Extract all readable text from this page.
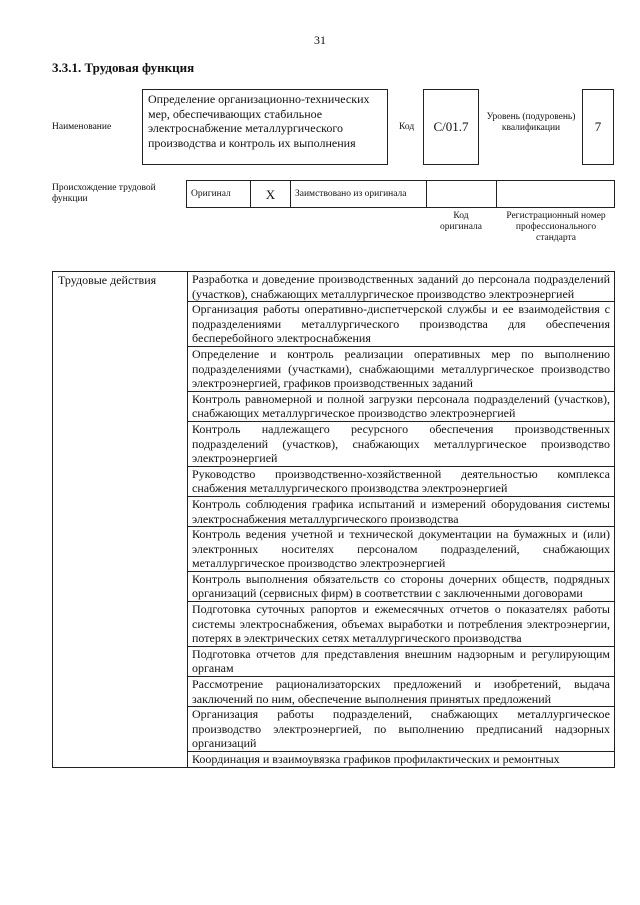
31
3.3.1. Трудовая функция
Наименование
Определение организационно-технических мер, обеспечивающих стабильное электроснабжение металлургического производства и контроль их выполнения
Код	C/01.7
Уровень (подуровень) квалификации	7
Происхождение трудовой функции
Оригинал	X	Заимствовано из оригинала		
Код оригинала
Регистрационный номер профессионального стандарта
Трудовые действия	Разработка и доведение производственных заданий до персонала подразделений (участков), снабжающих металлургическое производство электроэнергией
Организация работы оперативно-диспетчерской службы и ее взаимодействия с подразделениями металлургического производства для обеспечения бесперебойного электроснабжения
Определение и контроль реализации оперативных мер по выполнению подразделениями (участками), снабжающими металлургическое производство электроэнергией, графиков производственных заданий
Контроль равномерной и полной загрузки персонала подразделений (участков), снабжающих металлургическое производство электроэнергией
Контроль надлежащего ресурсного обеспечения производственных подразделений (участков), снабжающих металлургическое производство электроэнергией
Руководство производственно-хозяйственной деятельностью комплекса снабжения металлургического производства электроэнергией
Контроль соблюдения графика испытаний и измерений оборудования системы электроснабжения металлургического производства
Контроль ведения учетной и технической документации на бумажных и (или) электронных носителях персоналом подразделений, снабжающих металлургическое производство электроэнергией
Контроль выполнения обязательств со стороны дочерних обществ, подрядных организаций (сервисных фирм) в соответствии с заключенными договорами
Подготовка суточных рапортов и ежемесячных отчетов о показателях работы системы электроснабжения, объемах выработки и потребления электроэнергии, потерях в электрических сетях металлургического производства
Подготовка отчетов для представления внешним надзорным и регулирующим органам
Рассмотрение рационализаторских предложений и изобретений, выдача заключений по ним, обеспечение выполнения принятых предложений
Организация работы подразделений, снабжающих металлургическое производство электроэнергией, по выполнению предписаний надзорных организаций
Координация и взаимоувязка графиков профилактических и ремонтных
